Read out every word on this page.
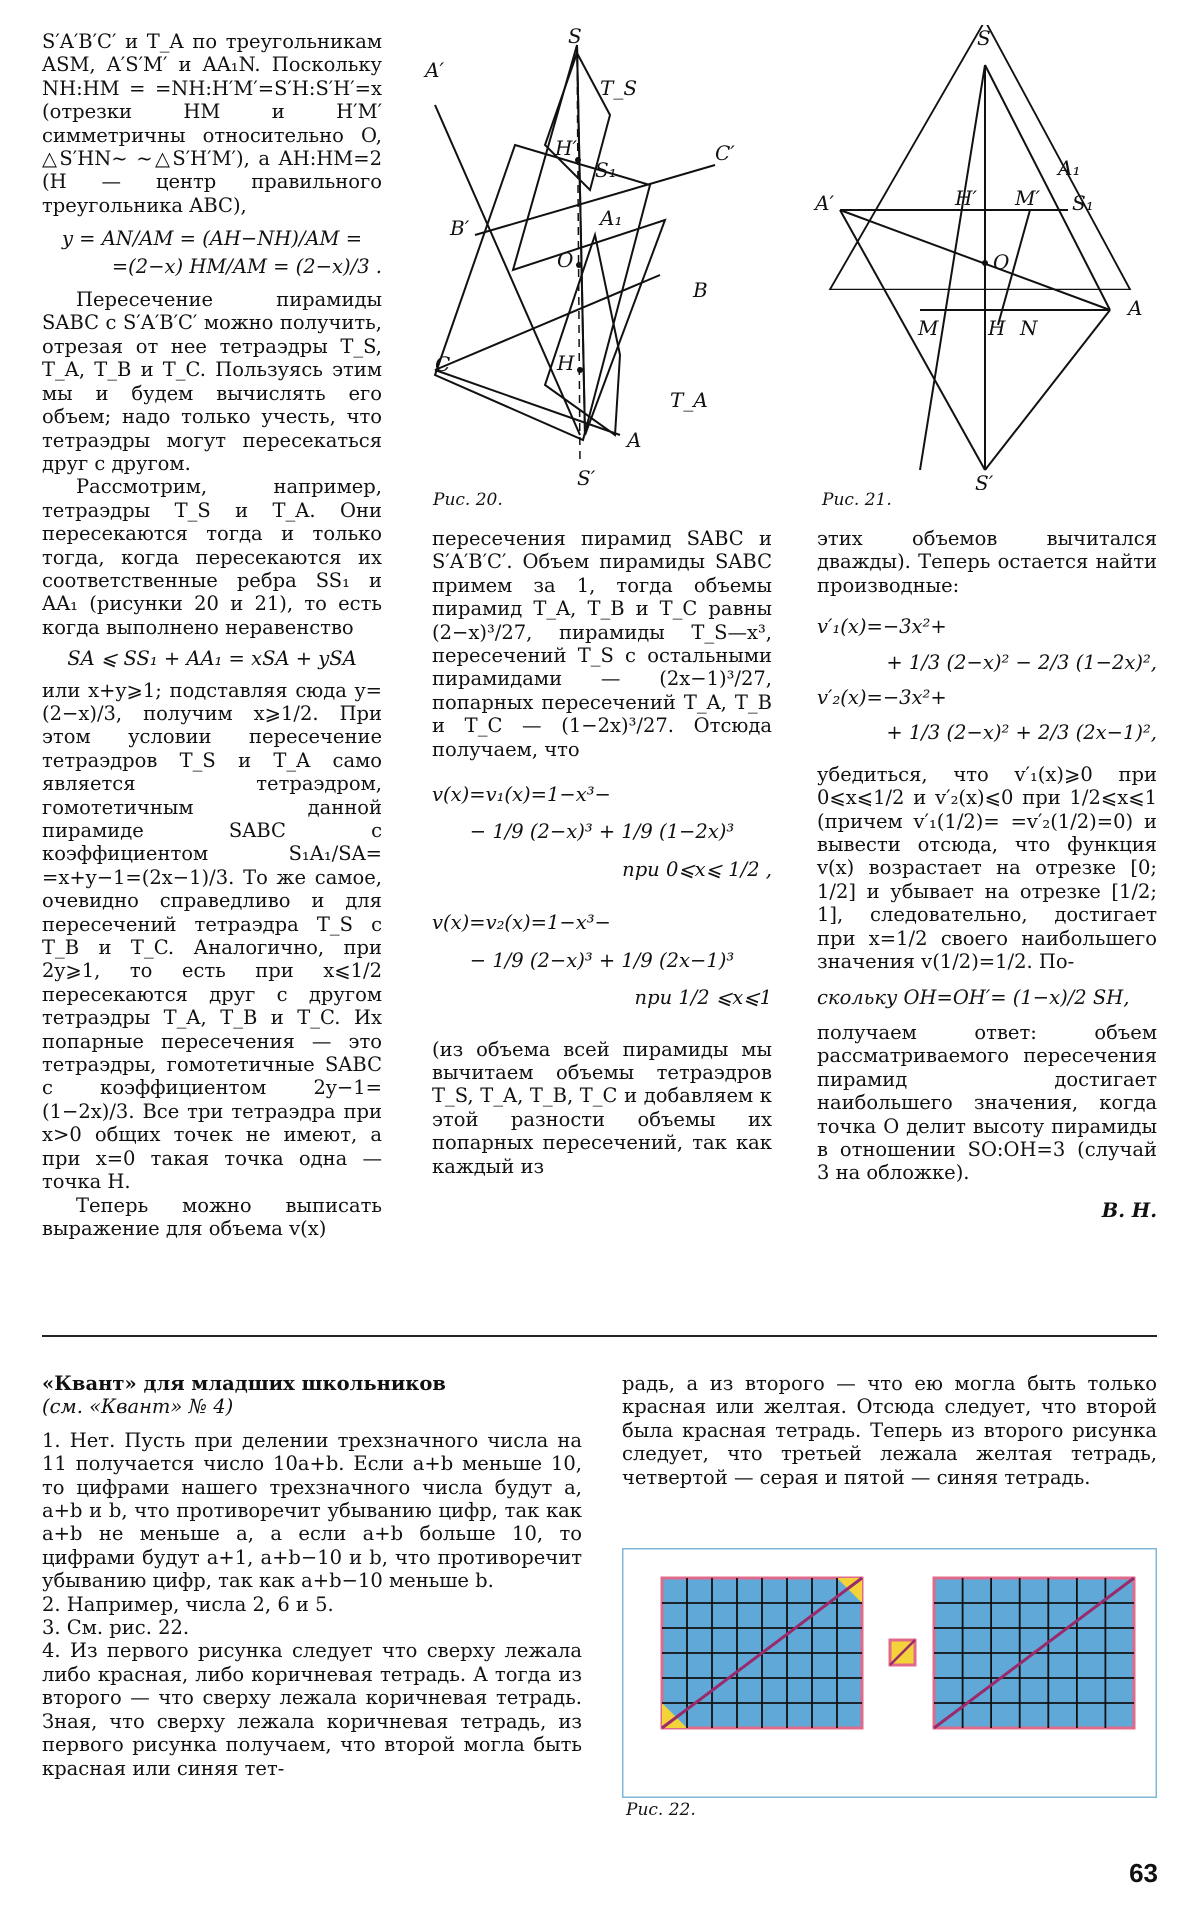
S′A′B′C′ и T_A по треугольникам ASM, A′S′M′ и AA₁N. Поскольку NH:HM = =NH:H′M′=S′H:S′H′=x (отрезки HM и H′M′ симметричны относительно O, △S′HN~ ~△S′H′M′), а AH:HM=2 (H — центр правильного треугольника ABC),

y = AN/AM = (AH−NH)/AM =
=(2−x) HM/AM = (2−x)/3 .

Пересечение пирамиды SABC с S′A′B′C′ можно получить, отрезая от нее тетраэдры T_S, T_A, T_B и T_C. Пользуясь этим мы и будем вычислять его объем; надо только учесть, что тетраэдры могут пересекаться друг с другом.

Рассмотрим, например, тетраэдры T_S и T_A. Они пересекаются тогда и только тогда, когда пересекаются их соответственные ребра SS₁ и AA₁ (рисунки 20 и 21), то есть когда выполнено неравенство

SA ⩽ SS₁ + AA₁ = xSA + ySA

или x+y⩾1; подставляя сюда y=(2−x)/3, получим x⩾1/2. При этом условии пересечение тетраэдров T_S и T_A само является тетраэдром, гомотетичным данной пирамиде SABC с коэффициентом S₁A₁/SA= =x+y−1=(2x−1)/3. То же самое, очевидно справедливо и для пересечений тетраэдра T_S с T_B и T_C. Аналогично, при 2y⩾1, то есть при x⩽1/2 пересекаются друг с другом тетраэдры T_A, T_B и T_C. Их попарные пересечения — это тетраэдры, гомотетичные SABC с коэффициентом 2y−1=(1−2x)/3. Все три тетраэдра при x>0 общих точек не имеют, а при x=0 такая точка одна — точка H.

Теперь можно выписать выражение для объема v(x)

S
A′
T_S
H′
S₁
C′
B′	A₁
O
B
C	H
T_A
A
S′
Рис. 20.
S
A₁
A′	H′ M′ S₁
O
A
M H N
S′
Рис. 21.

пересечения пирамид SABC и S′A′B′C′. Объем пирамиды SABC примем за 1, тогда объемы пирамид T_A, T_B и T_C равны (2−x)³/27, пирамиды T_S—x³, пересечений T_S с остальными пирамидами — (2x−1)³/27, попарных пересечений T_A, T_B и T_C — (1−2x)³/27. Отсюда получаем, что

v(x)=v₁(x)=1−x³−
− 1/9 (2−x)³ + 1/9 (1−2x)³
при 0⩽x⩽ 1/2 ,
v(x)=v₂(x)=1−x³−
− 1/9 (2−x)³ + 1/9 (2x−1)³
при 1/2 ⩽x⩽1

(из объема всей пирамиды мы вычитаем объемы тетраэдров T_S, T_A, T_B, T_C и добавляем к этой разности объемы их попарных пересечений, так как каждый из

этих объемов вычитался дважды). Теперь остается найти производные:

v′₁(x)=−3x²+
+ 1/3 (2−x)² − 2/3 (1−2x)²,
v′₂(x)=−3x²+
+ 1/3 (2−x)² + 2/3 (2x−1)²,

убедиться, что v′₁(x)⩾0 при 0⩽x⩽1/2 и v′₂(x)⩽0 при 1/2⩽x⩽1 (причем v′₁(1/2)= =v′₂(1/2)=0) и вывести отсюда, что функция v(x) возрастает на отрезке [0; 1/2] и убывает на отрезке [1/2; 1], следовательно, достигает при x=1/2 своего наибольшего значения v(1/2)=1/2. По-

скольку OH=OH′= (1−x)/2 SH,

получаем ответ: объем рассматриваемого пересечения пирамид достигает наибольшего значения, когда точка O делит высоту пирамиды в отношении SO:OH=3 (случай 3 на обложке).

В. Н.

«Квант» для младших школьников

(см. «Квант» № 4)

1. Нет. Пусть при делении трехзначного числа на 11 получается число 10a+b. Если a+b меньше 10, то цифрами нашего трехзначного числа будут a, a+b и b, что противоречит убыванию цифр, так как a+b не меньше a, а если a+b больше 10, то цифрами будут a+1, a+b−10 и b, что противоречит убыванию цифр, так как a+b−10 меньше b.

2. Например, числа 2, 6 и 5.

3. См. рис. 22.

4. Из первого рисунка следует что сверху лежала либо красная, либо коричневая тетрадь. А тогда из второго — что сверху лежала коричневая тетрадь. Зная, что сверху лежала коричневая тетрадь, из первого рисунка получаем, что второй могла быть красная или синяя тет-

радь, а из второго — что ею могла быть только красная или желтая. Отсюда следует, что второй была красная тетрадь. Теперь из второго рисунка следует, что третьей лежала желтая тетрадь, четвертой — серая и пятой — синяя тетрадь.

Рис. 22.
63
